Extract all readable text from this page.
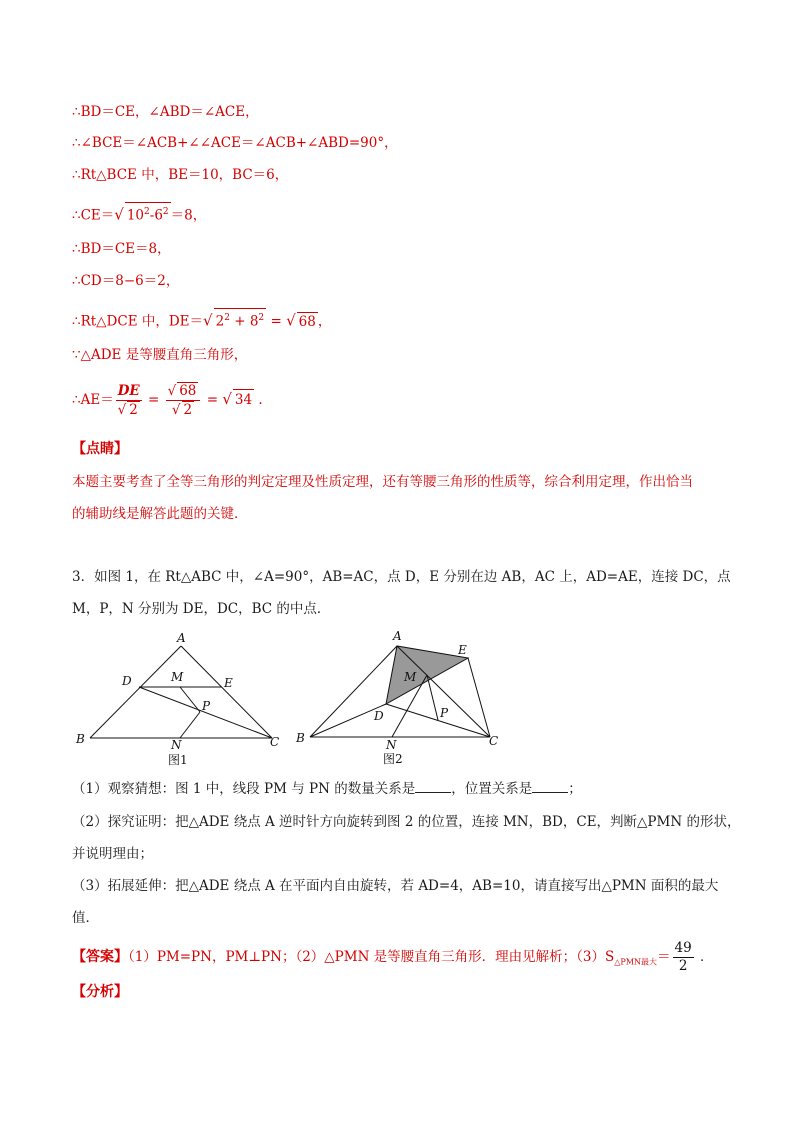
∴BD＝CE，∠ABD＝∠ACE，
∴∠BCE＝∠ACB+∠∠ACE＝∠ACB+∠ABD=90°，
∴Rt△BCE 中，BE＝10，BC＝6，
∴CE＝√ $10^2-6^2 =8$，
∴BD＝CE＝8，
∴CD＝8−6＝2，
∴Rt△DCE 中，DE＝√ $2^2 + 8^2$ = √ 68 ，
∵△ADE 是等腰直角三角形，
∴AE＝ $\frac{DE}{√ 2} = \frac{√ 68}{√ 2}$ = √ 34 .
【点睛】
本题主要考查了全等三角形的判定定理及性质定理，还有等腰三角形的性质等，综合利用定理，作出恰当
的辅助线是解答此题的关键．
3．如图 1，在 Rt△ABC 中，∠A=90°，AB=AC，点 D，E 分别在边 AB，AC 上，AD=AE，连接 DC，点
M，P，N 分别为 DE，DC，BC 的中点．
A
B	C
D	E
M
P
N
图1
A
B	C
D
E
M
P
N
图2
（1）观察猜想：图 1 中，线段 PM 与 PN 的数量关系是	，位置关系是	；
（2）探究证明：把△ADE 绕点 A 逆时针方向旋转到图 2 的位置，连接 MN，BD，CE，判断△PMN 的形状，
并说明理由；
（3）拓展延伸：把△ADE 绕点 A 在平面内自由旋转，若 AD=4，AB=10，请直接写出△PMN 面积的最大
值．
【答案】（1）PM=PN，PM⊥PN；（2）△PMN 是等腰直角三角形．理由见解析；$(3)S_{\triangle PMN最大}= \frac{49}{2}$ ．
【分析】
